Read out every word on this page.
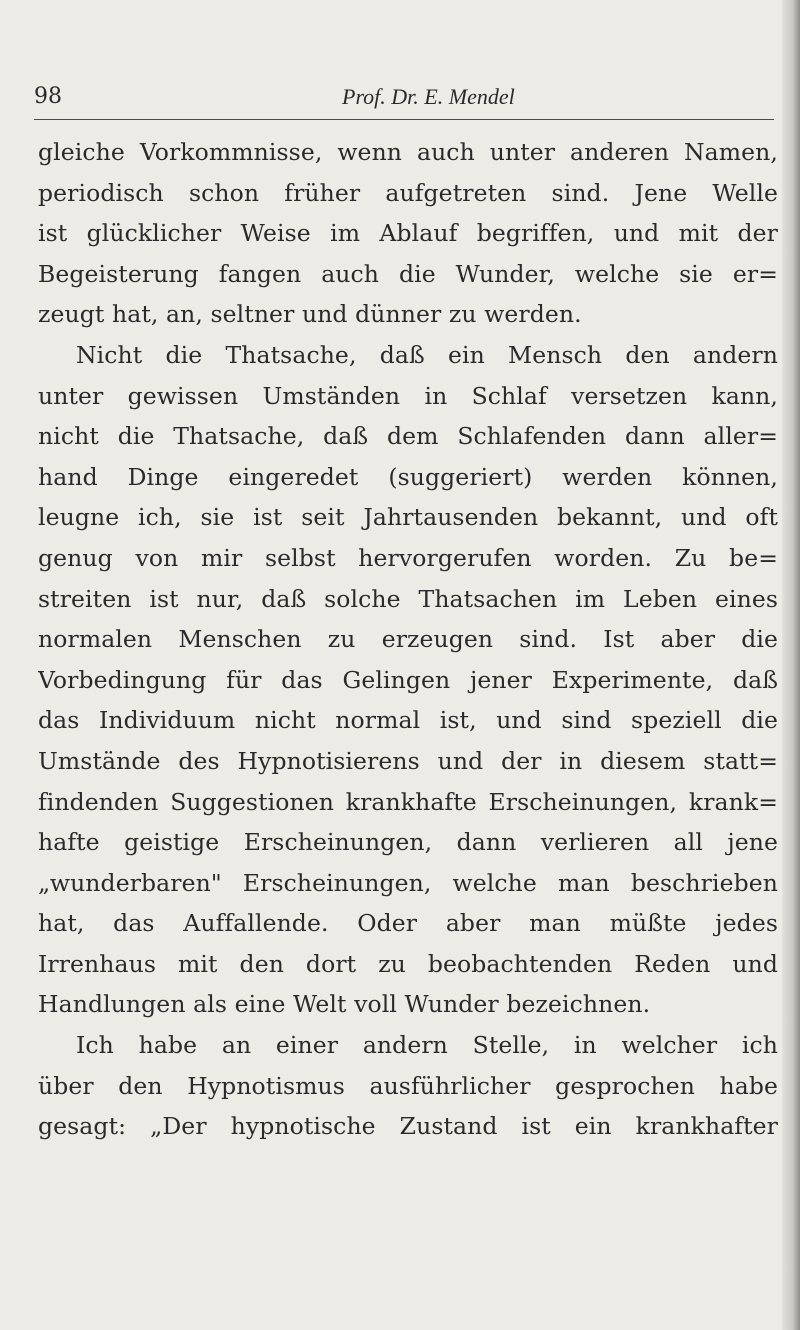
98	Prof. Dr. E. Mendel
gleiche Vorkommnisse, wenn auch unter anderen Namen,
periodisch schon früher aufgetreten sind. Jene Welle
ist glücklicher Weise im Ablauf begriffen, und mit der
Begeisterung fangen auch die Wunder, welche sie er=
zeugt hat, an, seltner und dünner zu werden.
Nicht die Thatsache, daß ein Mensch den andern
unter gewissen Umständen in Schlaf versetzen kann,
nicht die Thatsache, daß dem Schlafenden dann aller=
hand Dinge eingeredet (suggeriert) werden können,
leugne ich, sie ist seit Jahrtausenden bekannt, und oft
genug von mir selbst hervorgerufen worden. Zu be=
streiten ist nur, daß solche Thatsachen im Leben eines
normalen Menschen zu erzeugen sind. Ist aber die
Vorbedingung für das Gelingen jener Experimente, daß
das Individuum nicht normal ist, und sind speziell die
Umstände des Hypnotisierens und der in diesem statt=
findenden Suggestionen krankhafte Erscheinungen, krank=
hafte geistige Erscheinungen, dann verlieren all jene
„wunderbaren" Erscheinungen, welche man beschrieben
hat, das Auffallende. Oder aber man müßte jedes
Irrenhaus mit den dort zu beobachtenden Reden und
Handlungen als eine Welt voll Wunder bezeichnen.
Ich habe an einer andern Stelle, in welcher ich
über den Hypnotismus ausführlicher gesprochen habe
gesagt: „Der hypnotische Zustand ist ein krankhafter
